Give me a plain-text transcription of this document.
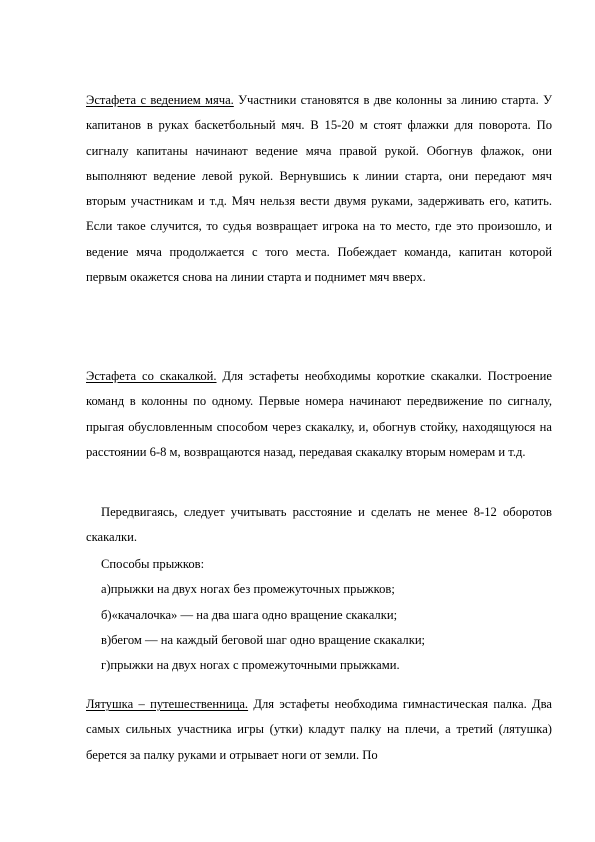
Эстафета с ведением мяча. Участники становятся в две колонны за линию старта. У капитанов в руках баскетбольный мяч. В 15-20 м стоят флажки для поворота. По сигналу капитаны начинают ведение мяча правой рукой. Обогнув флажок, они выполняют ведение левой рукой. Вернувшись к линии старта, они передают мяч вторым участникам и т.д. Мяч нельзя вести двумя руками, задерживать его, катить. Если такое случится, то судья возвращает игрока на то место, где это произошло, и ведение мяча продолжается с того места. Побеждает команда, капитан которой первым окажется снова на линии старта и поднимет мяч вверх.
Эстафета со скакалкой. Для эстафеты необходимы короткие скакалки. Построение команд в колонны по одному. Первые номера начинают передвижение по сигналу, прыгая обусловленным способом через скакалку, и, обогнув стойку, находящуюся на расстоянии 6-8 м, возвращаются назад, передавая скакалку вторым номерам и т.д.
Передвигаясь, следует учитывать расстояние и сделать не менее 8-12 оборотов скакалки.
Способы прыжков:
а)прыжки на двух ногах без промежуточных прыжков;
б)«качалочка» — на два шага одно вращение скакалки;
в)бегом — на каждый беговой шаг одно вращение скакалки;
г)прыжки на двух ногах с промежуточными прыжками.
Лятушка – путешественница. Для эстафеты необходима гимнастическая палка. Два самых сильных участника игры (утки) кладут палку на плечи, а третий (лятушка) берется за палку руками и отрывает ноги от земли. По
